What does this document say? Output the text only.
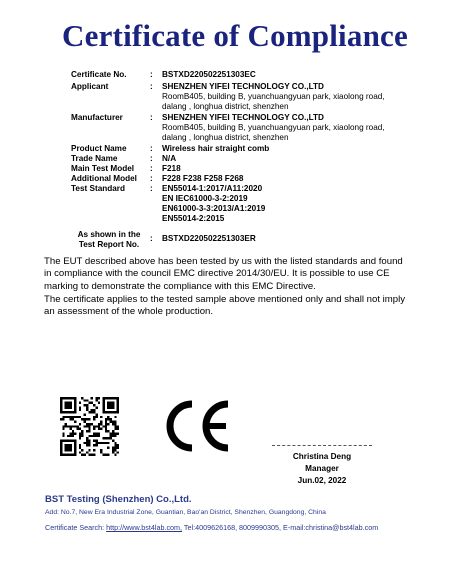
Certificate of Compliance
Certificate No.	: BSTXD220502251303EC
Applicant	: SHENZHEN YIFEI TECHNOLOGY CO.,LTD
RoomB405, building B, yuanchuangyuan park, xiaolong road,
dalang , longhua district, shenzhen
Manufacturer	: SHENZHEN YIFEI TECHNOLOGY CO.,LTD
RoomB405, building B, yuanchuangyuan park, xiaolong road,
dalang , longhua district, shenzhen
Product Name	: Wireless hair straight comb
Trade Name	: N/A
Main Test Model	: F218
Additional Model	: F228 F238 F258 F268
Test Standard	: EN55014-1:2017/A11:2020
EN IEC61000-3-2:2019
EN61000-3-3:2013/A1:2019
EN55014-2:2015
As shown in the
Test Report No.
: BSTXD220502251303ER
The EUT described above has been tested by us with the listed standards and found
in compliance with the council EMC directive 2014/30/EU. It is possible to use CE
marking to demonstrate the compliance with this EMC Directive.
The certificate applies to the tested sample above mentioned only and shall not imply
an assessment of the whole production.
Christina Deng
Manager
Jun.02, 2022
BST Testing (Shenzhen) Co.,Ltd.
Add: No.7, New Era Industrial Zone, Guantian, Bao'an District, Shenzhen, Guangdong, China
Certificate Search: http://www.bst4lab.com, Tel:4009626168, 8009990305, E-mail:christina@bst4lab.com
